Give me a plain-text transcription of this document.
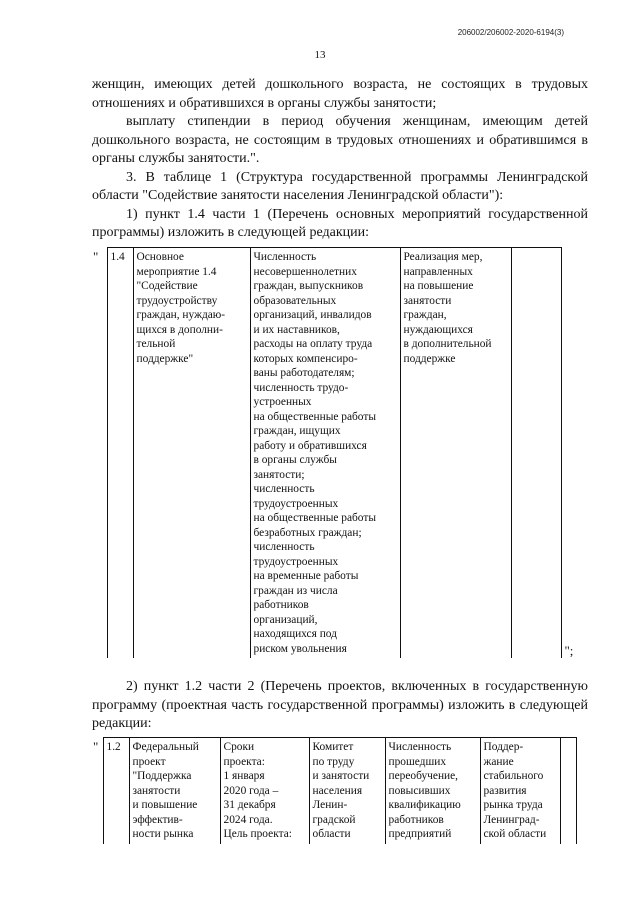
206002/206002-2020-6194(3)
13

женщин, имеющих детей дошкольного возраста, не состоящих в трудовых отношениях и обратившихся в органы службы занятости;

выплату стипендии в период обучения женщинам, имеющим детей дошкольного возраста, не состоящим в трудовых отношениях и обратившимся в органы службы занятости.".

3. В таблице 1 (Структура государственной программы Ленинградской области "Содействие занятости населения Ленинградской области"):

1) пункт 1.4 части 1 (Перечень основных мероприятий государственной программы) изложить в следующей редакции:

"	1.4	Основное
мероприятие 1.4
"Содействие
трудоустройству
граждан, нуждаю-
щихся в дополни-
тельной
поддержке"

Численность
несовершеннолетних
граждан, выпускников
образовательных
организаций, инвалидов
и их наставников,
расходы на оплату труда
которых компенсиро-
ваны работодателям;
численность трудо-
устроенных
на общественные работы
граждан, ищущих
работу и обратившихся
в органы службы
занятости;
численность
трудоустроенных
на общественные работы
безработных граждан;
численность
трудоустроенных
на временные работы
граждан из числа
работников
организаций,
находящихся под
риском увольнения

Реализация мер,
направленных
на повышение
занятости
граждан,
нуждающихся
в дополнительной
поддержке
		";

2) пункт 1.2 части 2 (Перечень проектов, включенных в государственную программу (проектная часть государственной программы) изложить в следующей редакции:

"	1.2	Федеральный
проект
"Поддержка
занятости
и повышение
эффектив-
ности рынка

Сроки
проекта:
1 января
2020 года –
31 декабря
2024 года.
Цель проекта:

Комитет
по труду
и занятости
населения
Ленин-
градской
области

Численность
прошедших
переобучение,
повысивших
квалификацию
работников
предприятий

Поддер-
жание
стабильного
развития
рынка труда
Ленинград-
ской области
